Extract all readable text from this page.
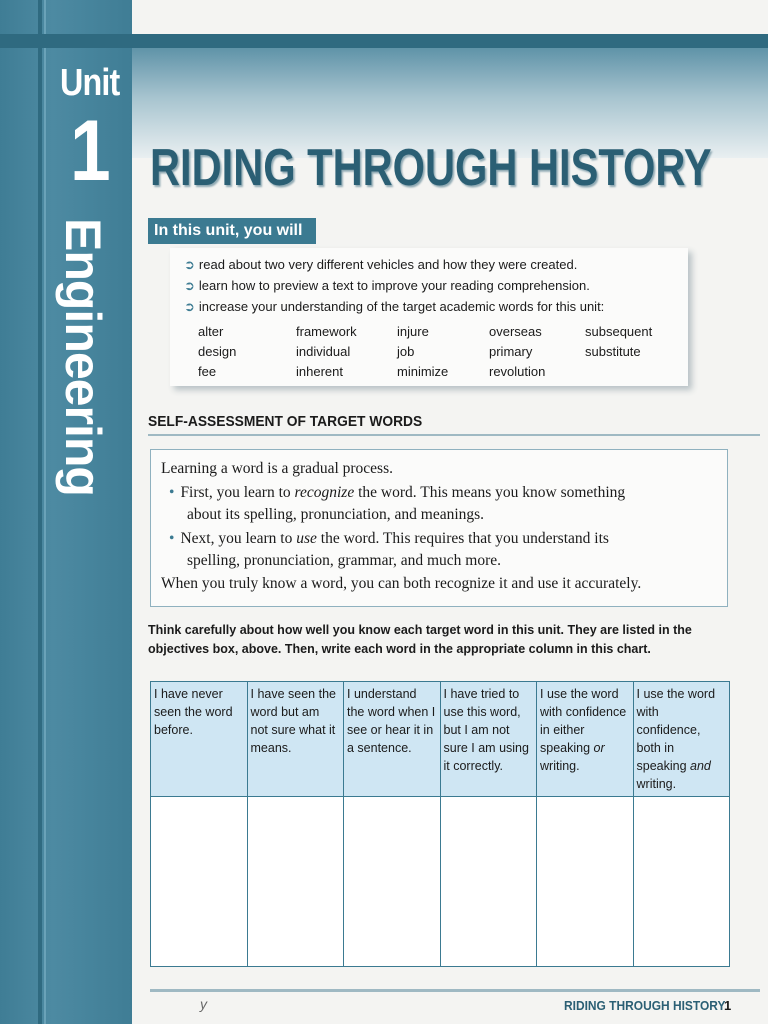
Unit
1
Engineering
RIDING THROUGH HISTORY
In this unit, you will
➲ read about two very different vehicles and how they were created.
➲ learn how to preview a text to improve your reading comprehension.
➲ increase your understanding of the target academic words for this unit:
alter	framework	injure	overseas	subsequent
design	individual	job	primary	substitute
fee	inherent	minimize	revolution
SELF-ASSESSMENT OF TARGET WORDS
Learning a word is a gradual process.
• First, you learn to recognize the word. This means you know something
about its spelling, pronunciation, and meanings.
• Next, you learn to use the word. This requires that you understand its
spelling, pronunciation, grammar, and much more.
When you truly know a word, you can both recognize it and use it accurately.
Think carefully about how well you know each target word in this unit. They are listed in the objectives box, above. Then, write each word in the appropriate column in this chart.
I have never seen the word before.	I have seen the word but am not sure what it means.	I understand the word when I see or hear it in a sentence.	I have tried to use this word, but I am not sure I am using it correctly.	I use the word with confidence in either speaking or writing.	I use the word with confidence, both in speaking and writing.

y	RIDING THROUGH HISTORY
1
